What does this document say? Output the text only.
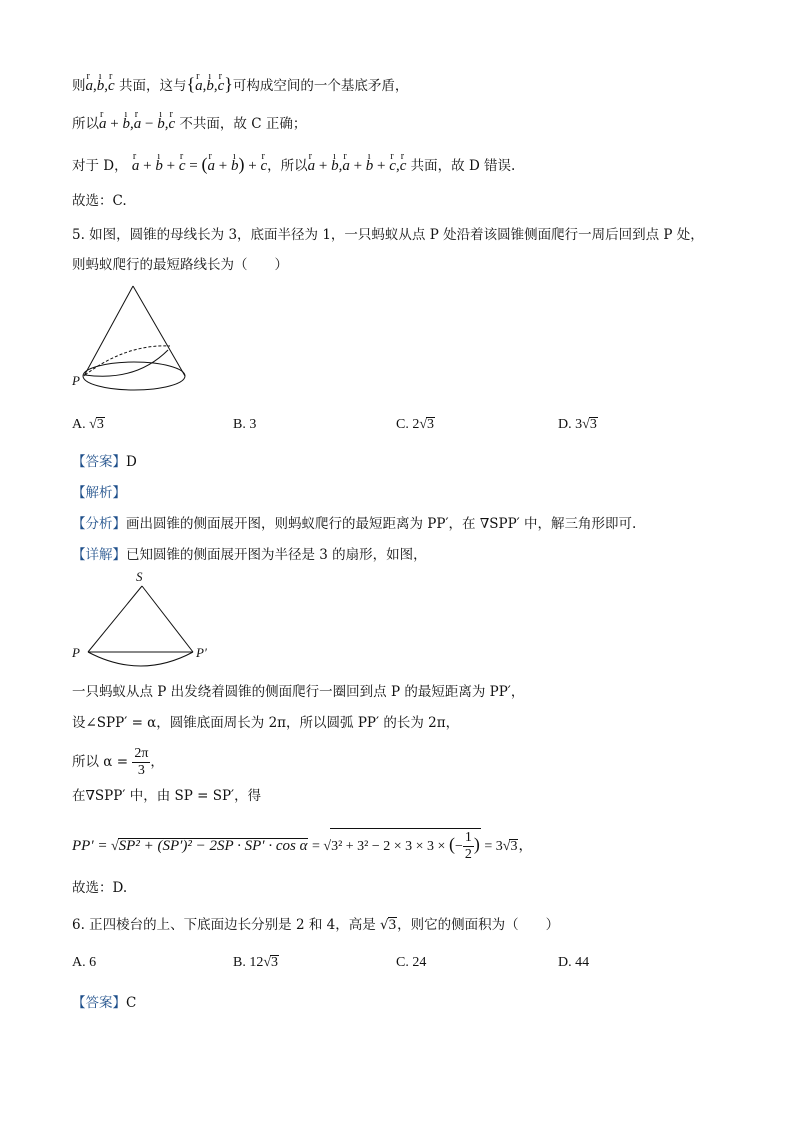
则r a,ı b,r c 共面，这与{r a,ı b,r c}可构成空间的一个基底矛盾，
所以r a + ı b,r a − ı b,r c 不共面，故 C 正确；
对于 D， r a + ı b + r c = (r a + ı b) + r c，所以r a + ı b,r a + ı b + r c,r c 共面，故 D 错误.
故选：C.
5. 如图，圆锥的母线长为 3，底面半径为 1，一只蚂蚁从点 P 处沿着该圆锥侧面爬行一周后回到点 P 处，
则蚂蚁爬行的最短路线长为（　　）
P
A. √3	B. 3	C. 2√3	D. 3√3
【答案】D
【解析】
【分析】画出圆锥的侧面展开图，则蚂蚁爬行的最短距离为 PP′，在 ∇SPP′ 中，解三角形即可.
【详解】已知圆锥的侧面展开图为半径是 3 的扇形，如图，
S
P	P′
一只蚂蚁从点 P 出发绕着圆锥的侧面爬行一圈回到点 P 的最短距离为 PP′，
设∠SPP′ = α，圆锥底面周长为 2π，所以圆弧 PP′ 的长为 2π，
所以 $\alpha = \frac{2\pi}{3}$ ，
在∇SPP′ 中，由 SP = SP′，得
PP′ = √SP² + (SP′)² − 2SP · SP′ · cos α = √3² + 3² − 2 × 3 × 3 × (− $\frac{1}{2}$ ) = 3√3，
故选：D.
6. 正四棱台的上、下底面边长分别是 2 和 4，高是 √3，则它的侧面积为（　　）
A. 6	B. 12√3	C. 24	D. 44
【答案】C
